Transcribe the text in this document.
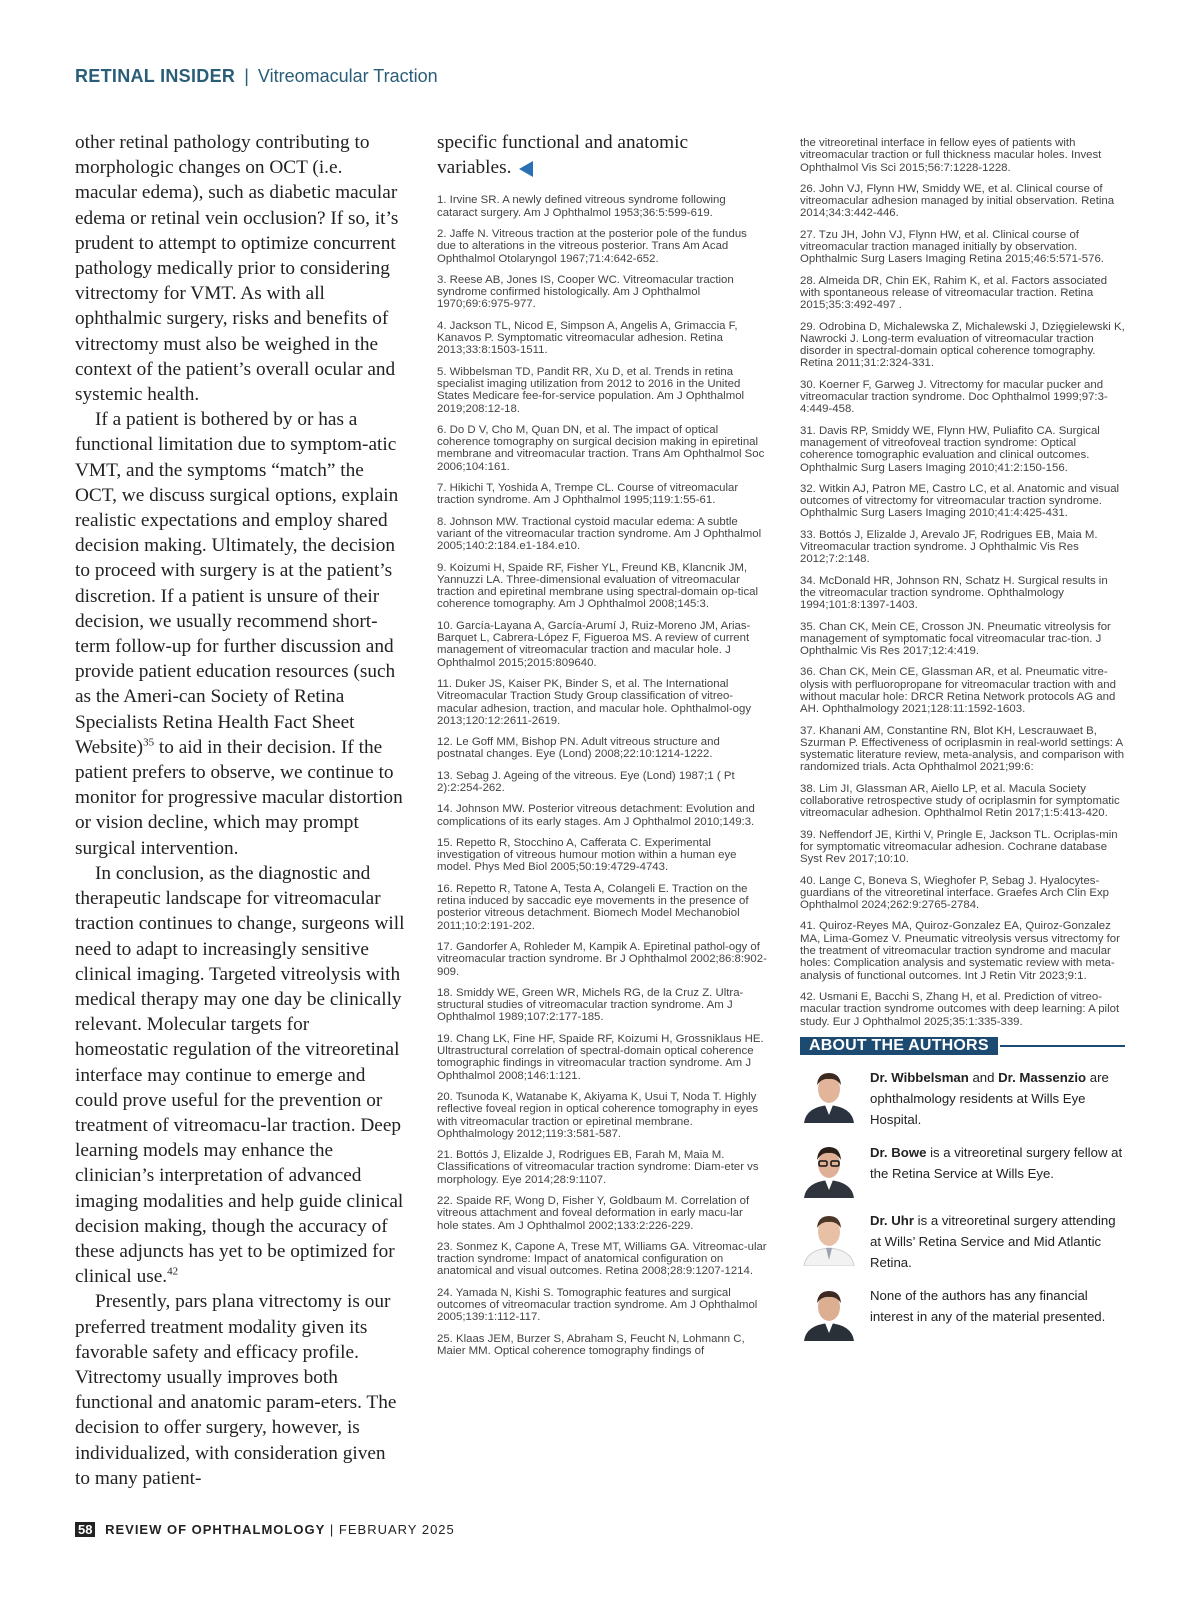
RETINAL INSIDER | Vitreomacular Traction

other retinal pathology contributing to morphologic changes on OCT (i.e. macular edema), such as diabetic macular edema or retinal vein occlusion? If so, it’s prudent to attempt to optimize concurrent pathology medically prior to considering vitrectomy for VMT. As with all ophthalmic surgery, risks and benefits of vitrectomy must also be weighed in the context of the patient’s overall ocular and systemic health.

If a patient is bothered by or has a functional limitation due to symptom-atic VMT, and the symptoms “match” the OCT, we discuss surgical options, explain realistic expectations and employ shared decision making. Ultimately, the decision to proceed with surgery is at the patient’s discretion. If a patient is unsure of their decision, we usually recommend short-term follow-up for further discussion and provide patient education resources (such as the Ameri-can Society of Retina Specialists Retina Health Fact Sheet Website)$^{35}$ to aid in their decision. If the patient prefers to observe, we continue to monitor for progressive macular distortion or vision decline, which may prompt surgical intervention.

In conclusion, as the diagnostic and therapeutic landscape for vitreomacular traction continues to change, surgeons will need to adapt to increasingly sensitive clinical imaging. Targeted vitreolysis with medical therapy may one day be clinically relevant. Molecular targets for homeostatic regulation of the vitreoretinal interface may continue to emerge and could prove useful for the prevention or treatment of vitreomacu-lar traction. Deep learning models may enhance the clinician’s interpretation of advanced imaging modalities and help guide clinical decision making, though the accuracy of these adjuncts has yet to be optimized for clinical use.$^{42}$

Presently, pars plana vitrectomy is our preferred treatment modality given its favorable safety and efficacy profile. Vitrectomy usually improves both functional and anatomic param-eters. The decision to offer surgery, however, is individualized, with consideration given to many patient-

specific functional and anatomic variables.

1. Irvine SR. A newly defined vitreous syndrome following cataract surgery. Am J Ophthalmol 1953;36:5:599-619.

2. Jaffe N. Vitreous traction at the posterior pole of the fundus due to alterations in the vitreous posterior. Trans Am Acad Ophthalmol Otolaryngol 1967;71:4:642-652.

3. Reese AB, Jones IS, Cooper WC. Vitreomacular traction syndrome confirmed histologically. Am J Ophthalmol 1970;69:6:975-977.

4. Jackson TL, Nicod E, Simpson A, Angelis A, Grimaccia F, Kanavos P. Symptomatic vitreomacular adhesion. Retina 2013;33:8:1503-1511.

5. Wibbelsman TD, Pandit RR, Xu D, et al. Trends in retina specialist imaging utilization from 2012 to 2016 in the United States Medicare fee-for-service population. Am J Ophthalmol 2019;208:12-18.

6. Do D V, Cho M, Quan DN, et al. The impact of optical coherence tomography on surgical decision making in epiretinal membrane and vitreomacular traction. Trans Am Ophthalmol Soc 2006;104:161.

7. Hikichi T, Yoshida A, Trempe CL. Course of vitreomacular traction syndrome. Am J Ophthalmol 1995;119:1:55-61.

8. Johnson MW. Tractional cystoid macular edema: A subtle variant of the vitreomacular traction syndrome. Am J Ophthalmol 2005;140:2:184.e1-184.e10.

9. Koizumi H, Spaide RF, Fisher YL, Freund KB, Klancnik JM, Yannuzzi LA. Three-dimensional evaluation of vitreomacular traction and epiretinal membrane using spectral-domain op-tical coherence tomography. Am J Ophthalmol 2008;145:3.

10. García-Layana A, García-Arumí J, Ruiz-Moreno JM, Arias-Barquet L, Cabrera-López F, Figueroa MS. A review of current management of vitreomacular traction and macular hole. J Ophthalmol 2015;2015:809640.

11. Duker JS, Kaiser PK, Binder S, et al. The International Vitreomacular Traction Study Group classification of vitreo-macular adhesion, traction, and macular hole. Ophthalmol-ogy 2013;120:12:2611-2619.

12. Le Goff MM, Bishop PN. Adult vitreous structure and postnatal changes. Eye (Lond) 2008;22:10:1214-1222.

13. Sebag J. Ageing of the vitreous. Eye (Lond) 1987;1 ( Pt 2):2:254-262.

14. Johnson MW. Posterior vitreous detachment: Evolution and complications of its early stages. Am J Ophthalmol 2010;149:3.

15. Repetto R, Stocchino A, Cafferata C. Experimental investigation of vitreous humour motion within a human eye model. Phys Med Biol 2005;50:19:4729-4743.

16. Repetto R, Tatone A, Testa A, Colangeli E. Traction on the retina induced by saccadic eye movements in the presence of posterior vitreous detachment. Biomech Model Mechanobiol 2011;10:2:191-202.

17. Gandorfer A, Rohleder M, Kampik A. Epiretinal pathol-ogy of vitreomacular traction syndrome. Br J Ophthalmol 2002;86:8:902-909.

18. Smiddy WE, Green WR, Michels RG, de la Cruz Z. Ultra-structural studies of vitreomacular traction syndrome. Am J Ophthalmol 1989;107:2:177-185.

19. Chang LK, Fine HF, Spaide RF, Koizumi H, Grossniklaus HE. Ultrastructural correlation of spectral-domain optical coherence tomographic findings in vitreomacular traction syndrome. Am J Ophthalmol 2008;146:1:121.

20. Tsunoda K, Watanabe K, Akiyama K, Usui T, Noda T. Highly reflective foveal region in optical coherence tomography in eyes with vitreomacular traction or epiretinal membrane. Ophthalmology 2012;119:3:581-587.

21. Bottós J, Elizalde J, Rodrigues EB, Farah M, Maia M. Classifications of vitreomacular traction syndrome: Diam-eter vs morphology. Eye 2014;28:9:1107.

22. Spaide RF, Wong D, Fisher Y, Goldbaum M. Correlation of vitreous attachment and foveal deformation in early macu-lar hole states. Am J Ophthalmol 2002;133:2:226-229.

23. Sonmez K, Capone A, Trese MT, Williams GA. Vitreomac-ular traction syndrome: Impact of anatomical configuration on anatomical and visual outcomes. Retina 2008;28:9:1207-1214.

24. Yamada N, Kishi S. Tomographic features and surgical outcomes of vitreomacular traction syndrome. Am J Ophthalmol 2005;139:1:112-117.

25. Klaas JEM, Burzer S, Abraham S, Feucht N, Lohmann C, Maier MM. Optical coherence tomography findings of

the vitreoretinal interface in fellow eyes of patients with vitreomacular traction or full thickness macular holes. Invest Ophthalmol Vis Sci 2015;56:7:1228-1228.

26. John VJ, Flynn HW, Smiddy WE, et al. Clinical course of vitreomacular adhesion managed by initial observation. Retina 2014;34:3:442-446.

27. Tzu JH, John VJ, Flynn HW, et al. Clinical course of vitreomacular traction managed initially by observation. Ophthalmic Surg Lasers Imaging Retina 2015;46:5:571-576.

28. Almeida DR, Chin EK, Rahim K, et al. Factors associated with spontaneous release of vitreomacular traction. Retina 2015;35:3:492-497 .

29. Odrobina D, Michalewska Z, Michalewski J, Dzięgielewski K, Nawrocki J. Long-term evaluation of vitreomacular traction disorder in spectral-domain optical coherence tomography. Retina 2011;31:2:324-331.

30. Koerner F, Garweg J. Vitrectomy for macular pucker and vitreomacular traction syndrome. Doc Ophthalmol 1999;97:3-4:449-458.

31. Davis RP, Smiddy WE, Flynn HW, Puliafito CA. Surgical management of vitreofoveal traction syndrome: Optical coherence tomographic evaluation and clinical outcomes. Ophthalmic Surg Lasers Imaging 2010;41:2:150-156.

32. Witkin AJ, Patron ME, Castro LC, et al. Anatomic and visual outcomes of vitrectomy for vitreomacular traction syndrome. Ophthalmic Surg Lasers Imaging 2010;41:4:425-431.

33. Bottós J, Elizalde J, Arevalo JF, Rodrigues EB, Maia M. Vitreomacular traction syndrome. J Ophthalmic Vis Res 2012;7:2:148.

34. McDonald HR, Johnson RN, Schatz H. Surgical results in the vitreomacular traction syndrome. Ophthalmology 1994;101:8:1397-1403.

35. Chan CK, Mein CE, Crosson JN. Pneumatic vitreolysis for management of symptomatic focal vitreomacular trac-tion. J Ophthalmic Vis Res 2017;12:4:419.

36. Chan CK, Mein CE, Glassman AR, et al. Pneumatic vitre-olysis with perfluoropropane for vitreomacular traction with and without macular hole: DRCR Retina Network protocols AG and AH. Ophthalmology 2021;128:11:1592-1603.

37. Khanani AM, Constantine RN, Blot KH, Lescrauwaet B, Szurman P. Effectiveness of ocriplasmin in real-world settings: A systematic literature review, meta-analysis, and comparison with randomized trials. Acta Ophthalmol 2021;99:6:

38. Lim JI, Glassman AR, Aiello LP, et al. Macula Society collaborative retrospective study of ocriplasmin for symptomatic vitreomacular adhesion. Ophthalmol Retin 2017;1:5:413-420.

39. Neffendorf JE, Kirthi V, Pringle E, Jackson TL. Ocriplas-min for symptomatic vitreomacular adhesion. Cochrane database Syst Rev 2017;10:10.

40. Lange C, Boneva S, Wieghofer P, Sebag J. Hyalocytes-guardians of the vitreoretinal interface. Graefes Arch Clin Exp Ophthalmol 2024;262:9:2765-2784.

41. Quiroz-Reyes MA, Quiroz-Gonzalez EA, Quiroz-Gonzalez MA, Lima-Gomez V. Pneumatic vitreolysis versus vitrectomy for the treatment of vitreomacular traction syndrome and macular holes: Complication analysis and systematic review with meta-analysis of functional outcomes. Int J Retin Vitr 2023;9:1.

42. Usmani E, Bacchi S, Zhang H, et al. Prediction of vitreo-macular traction syndrome outcomes with deep learning: A pilot study. Eur J Ophthalmol 2025;35:1:335-339.

ABOUT THE AUTHORS
Dr. Wibbelsman and Dr. Massenzio are ophthalmology residents at Wills Eye Hospital.
Dr. Bowe is a vitreoretinal surgery fellow at the Retina Service at Wills Eye.
Dr. Uhr is a vitreoretinal surgery attending at Wills’ Retina Service and Mid Atlantic Retina.
None of the authors has any financial interest in any of the material presented.
58 REVIEW OF OPHTHALMOLOGY | FEBRUARY 2025
